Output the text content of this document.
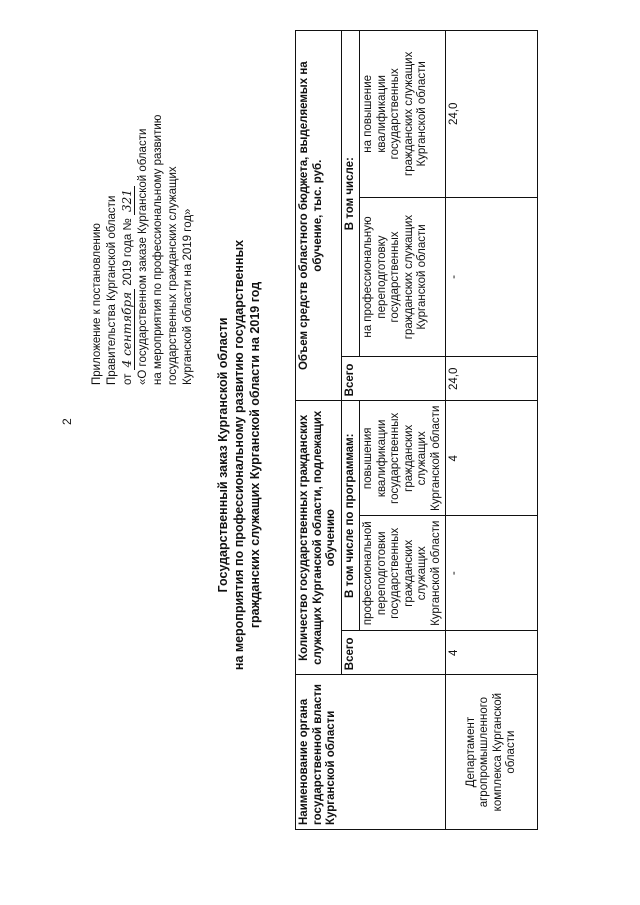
2
Приложение к постановлению Правительства Курганской области от 4 сентября 2019 года № 321 «О государственном заказе Курганской области на мероприятия по профессиональному развитию государственных гражданских служащих Курганской области на 2019 год»
Государственный заказ Курганской области на мероприятия по профессиональному развитию государственных гражданских служащих Курганской области на 2019 год
Наименование органа государственной власти Курганской области	Количество государственных гражданских служащих Курганской области, подлежащих обучению			Объем средств областного бюджета, выделяемых на обучение, тыс. руб.		
	Всего	В том числе по программам:		Всего	В том числе:	
		профессиональной переподготовки государственных гражданских служащих Курганской области	повышения квалификации государственных гражданских служащих Курганской области		на профессиональную переподготовку государственных гражданских служащих Курганской области	на повышение квалификации государственных гражданских служащих Курганской области
Департамент агропромышленного комплекса Курганской области	4	-	4	24,0	-	24,0
